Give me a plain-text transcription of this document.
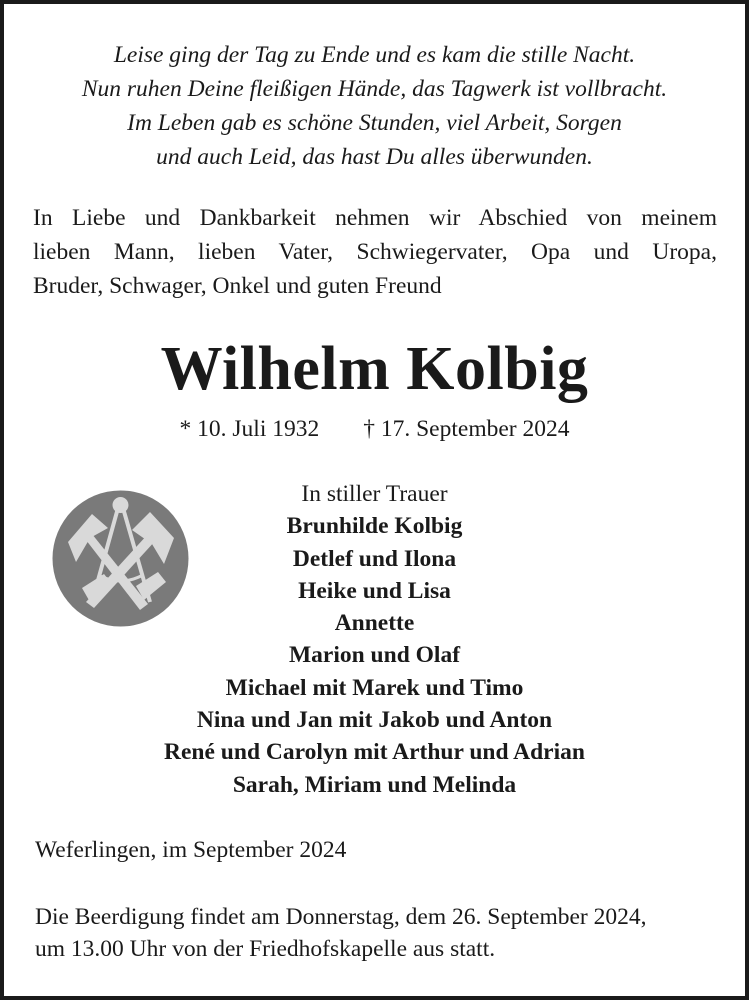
Leise ging der Tag zu Ende und es kam die stille Nacht.
Nun ruhen Deine fleißigen Hände, das Tagwerk ist vollbracht.
Im Leben gab es schöne Stunden, viel Arbeit, Sorgen
und auch Leid, das hast Du alles überwunden.
In Liebe und Dankbarkeit nehmen wir Abschied von meinem
lieben Mann, lieben Vater, Schwiegervater, Opa und Uropa,
Bruder, Schwager, Onkel und guten Freund
Wilhelm Kolbig
* 10. Juli 1932 † 17. September 2024
In stiller Trauer
Brunhilde Kolbig
Detlef und Ilona
Heike und Lisa
Annette
Marion und Olaf
Michael mit Marek und Timo
Nina und Jan mit Jakob und Anton
René und Carolyn mit Arthur und Adrian
Sarah, Miriam und Melinda
Weferlingen, im September 2024
Die Beerdigung findet am Donnerstag, dem 26. September 2024,
um 13.00 Uhr von der Friedhofskapelle aus statt.
